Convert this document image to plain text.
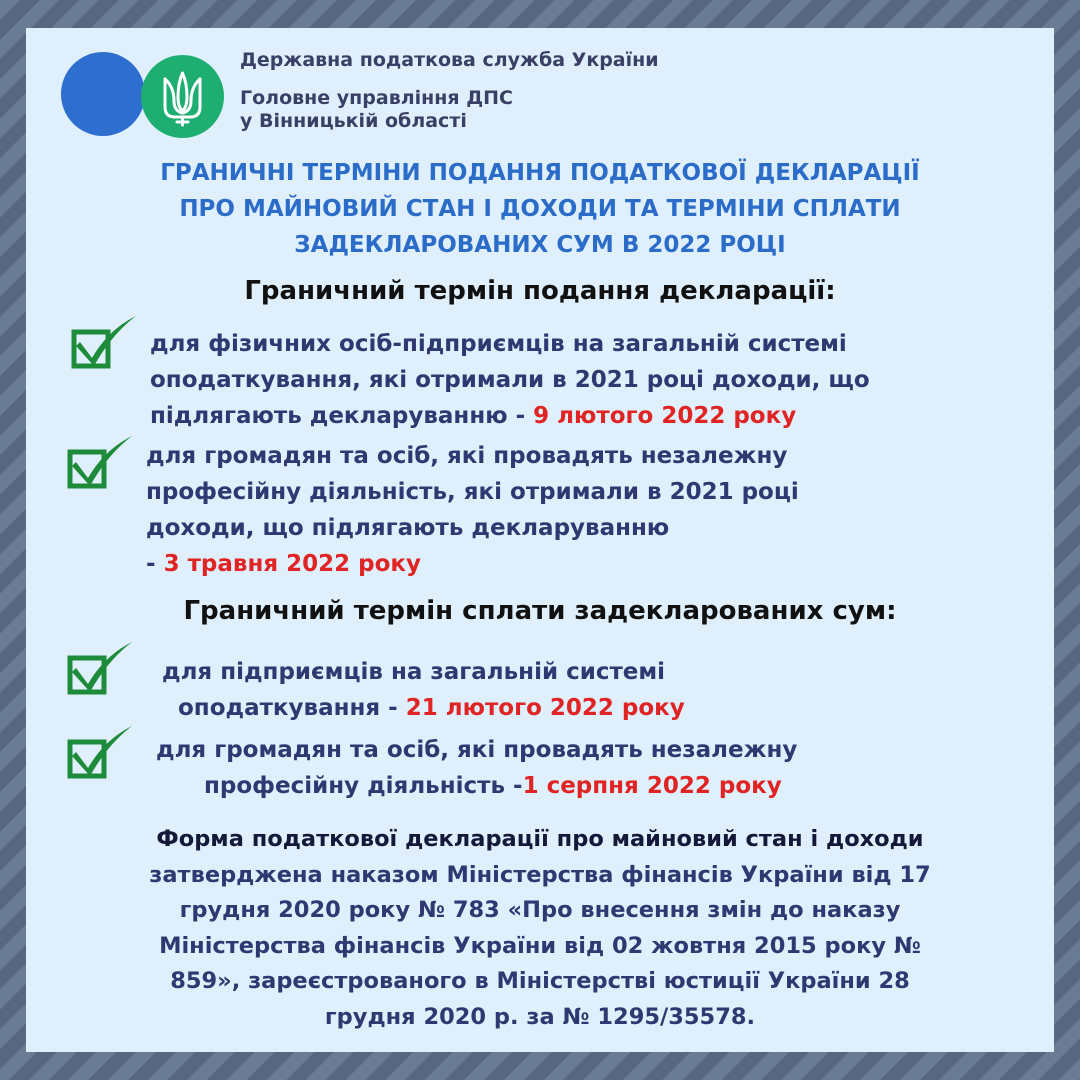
Державна податкова служба України
Головне управління ДПС
у Вінницькій області
ГРАНИЧНІ ТЕРМІНИ ПОДАННЯ ПОДАТКОВОЇ ДЕКЛАРАЦІЇ
ПРО МАЙНОВИЙ СТАН І ДОХОДИ ТА ТЕРМІНИ СПЛАТИ
ЗАДЕКЛАРОВАНИХ СУМ В 2022 РОЦІ
Граничний термін подання декларації:
для фізичних осіб-підприємців на загальній системі
оподаткування, які отримали в 2021 році доходи, що
підлягають декларуванню - 9 лютого 2022 року
для громадян та осіб, які провадять незалежну
професійну діяльність, які отримали в 2021 році
доходи, що підлягають декларуванню
- 3 травня 2022 року
Граничний термін сплати задекларованих сум:
для підприємців на загальній системі
оподаткування - 21 лютого 2022 року
для громадян та осіб, які провадять незалежну
професійну діяльність -1 серпня 2022 року
Форма податкової декларації про майновий стан і доходи
затверджена наказом Міністерства фінансів України від 17
грудня 2020 року № 783 «Про внесення змін до наказу
Міністерства фінансів України від 02 жовтня 2015 року №
859», зареєстрованого в Міністерстві юстиції України 28
грудня 2020 р. за № 1295/35578.
